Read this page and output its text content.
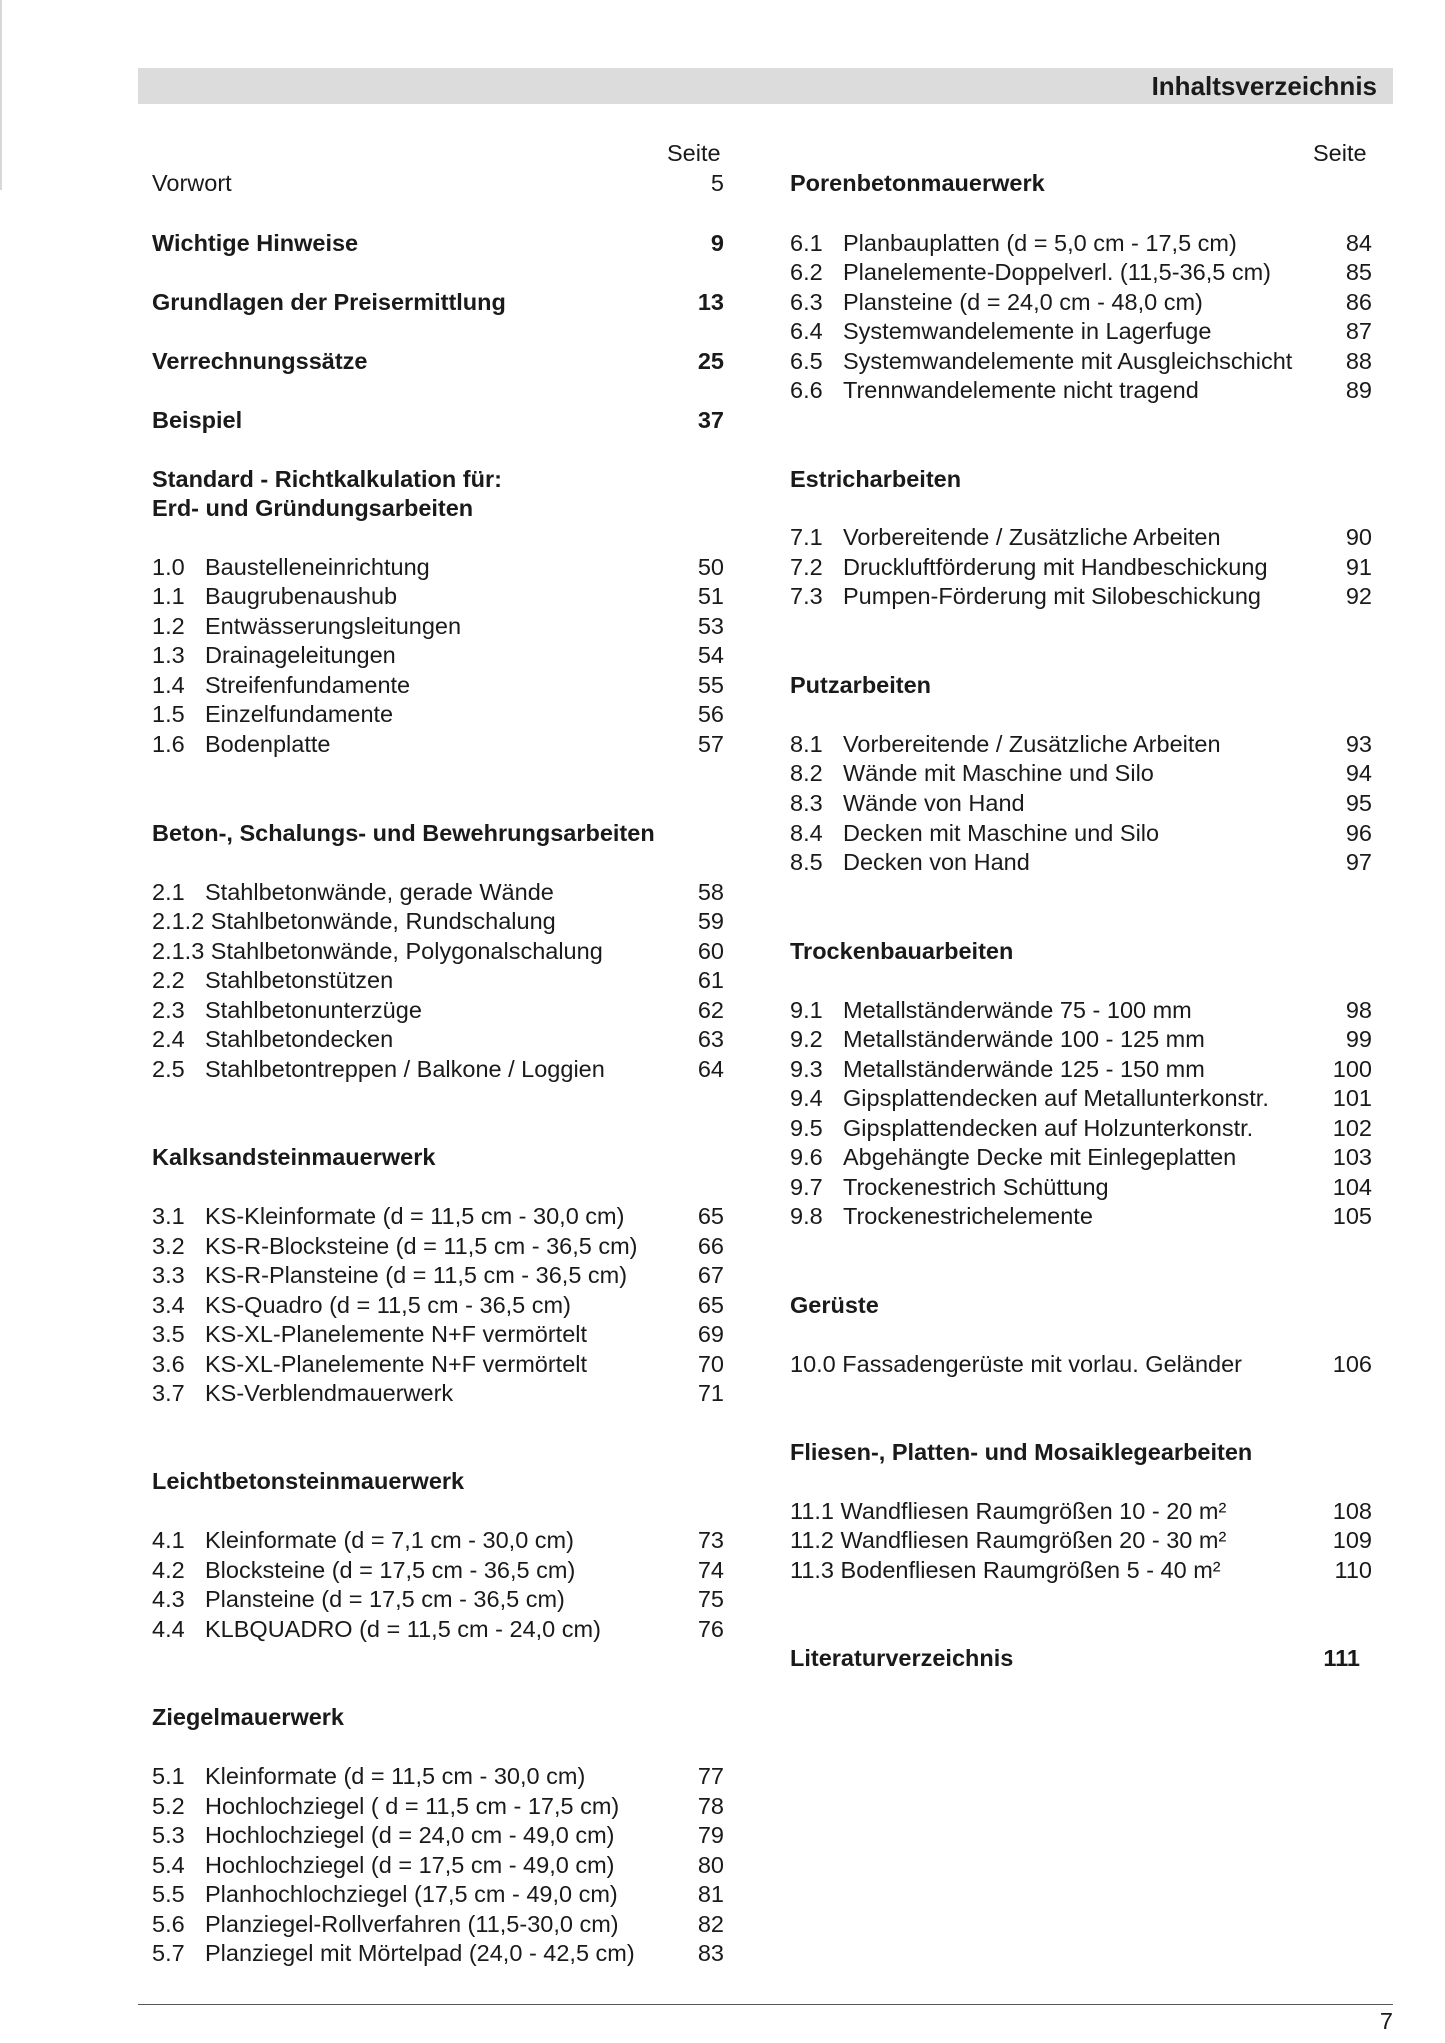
Inhaltsverzeichnis
Seite	Seite
Vorwort	5
Wichtige Hinweise	9
Grundlagen der Preisermittlung	13
Verrechnungssätze	25
Beispiel	37
Standard - Richtkalkulation für:
Erd- und Gründungsarbeiten
1.0 Baustelleneinrichtung	50
1.1 Baugrubenaushub	51
1.2 Entwässerungsleitungen	53
1.3 Drainageleitungen	54
1.4 Streifenfundamente	55
1.5 Einzelfundamente	56
1.6 Bodenplatte	57
Beton-, Schalungs- und Bewehrungsarbeiten
2.1 Stahlbetonwände, gerade Wände	58
2.1.2 Stahlbetonwände, Rundschalung	59
2.1.3 Stahlbetonwände, Polygonalschalung	60
2.2 Stahlbetonstützen	61
2.3 Stahlbetonunterzüge	62
2.4 Stahlbetondecken	63
2.5 Stahlbetontreppen / Balkone / Loggien	64
Kalksandsteinmauerwerk
3.1 KS-Kleinformate (d = 11,5 cm - 30,0 cm)	65
3.2 KS-R-Blocksteine (d = 11,5 cm - 36,5 cm)	66
3.3 KS-R-Plansteine (d = 11,5 cm - 36,5 cm)	67
3.4 KS-Quadro (d = 11,5 cm - 36,5 cm)	65
3.5 KS-XL-Planelemente N+F vermörtelt	69
3.6 KS-XL-Planelemente N+F vermörtelt	70
3.7 KS-Verblendmauerwerk	71
Leichtbetonsteinmauerwerk
4.1 Kleinformate (d = 7,1 cm - 30,0 cm)	73
4.2 Blocksteine (d = 17,5 cm - 36,5 cm)	74
4.3 Plansteine (d = 17,5 cm - 36,5 cm)	75
4.4 KLBQUADRO (d = 11,5 cm - 24,0 cm)	76
Ziegelmauerwerk
5.1 Kleinformate (d = 11,5 cm - 30,0 cm)	77
5.2 Hochlochziegel ( d = 11,5 cm - 17,5 cm)	78
5.3 Hochlochziegel (d = 24,0 cm - 49,0 cm)	79
5.4 Hochlochziegel (d = 17,5 cm - 49,0 cm)	80
5.5 Planhochlochziegel (17,5 cm - 49,0 cm)	81
5.6 Planziegel-Rollverfahren (11,5-30,0 cm)	82
5.7 Planziegel mit Mörtelpad (24,0 - 42,5 cm)	83
Porenbetonmauerwerk
6.1 Planbauplatten (d = 5,0 cm - 17,5 cm)	84
6.2 Planelemente-Doppelverl. (11,5-36,5 cm)	85
6.3 Plansteine (d = 24,0 cm - 48,0 cm)	86
6.4 Systemwandelemente in Lagerfuge	87
6.5 Systemwandelemente mit Ausgleichschicht 88
6.6 Trennwandelemente nicht tragend	89
Estricharbeiten
7.1 Vorbereitende / Zusätzliche Arbeiten	90
7.2 Druckluftförderung mit Handbeschickung	91
7.3 Pumpen-Förderung mit Silobeschickung	92
Putzarbeiten
8.1 Vorbereitende / Zusätzliche Arbeiten	93
8.2 Wände mit Maschine und Silo	94
8.3 Wände von Hand	95
8.4 Decken mit Maschine und Silo	96
8.5 Decken von Hand	97
Trockenbauarbeiten
9.1 Metallständerwände 75 - 100 mm	98
9.2 Metallständerwände 100 - 125 mm	99
9.3 Metallständerwände 125 - 150 mm	100
9.4 Gipsplattendecken auf Metallunterkonstr.	101
9.5 Gipsplattendecken auf Holzunterkonstr.	102
9.6 Abgehängte Decke mit Einlegeplatten	103
9.7 Trockenestrich Schüttung	104
9.8 Trockenestrichelemente	105
Gerüste
10.0 Fassadengerüste mit vorlau. Geländer	106
Fliesen-, Platten- und Mosaiklegearbeiten
11.1 Wandfliesen Raumgrößen 10 - 20 m²	108
11.2 Wandfliesen Raumgrößen 20 - 30 m²	109
11.3 Bodenfliesen Raumgrößen 5 - 40 m²	110
Literaturverzeichnis	111
7
